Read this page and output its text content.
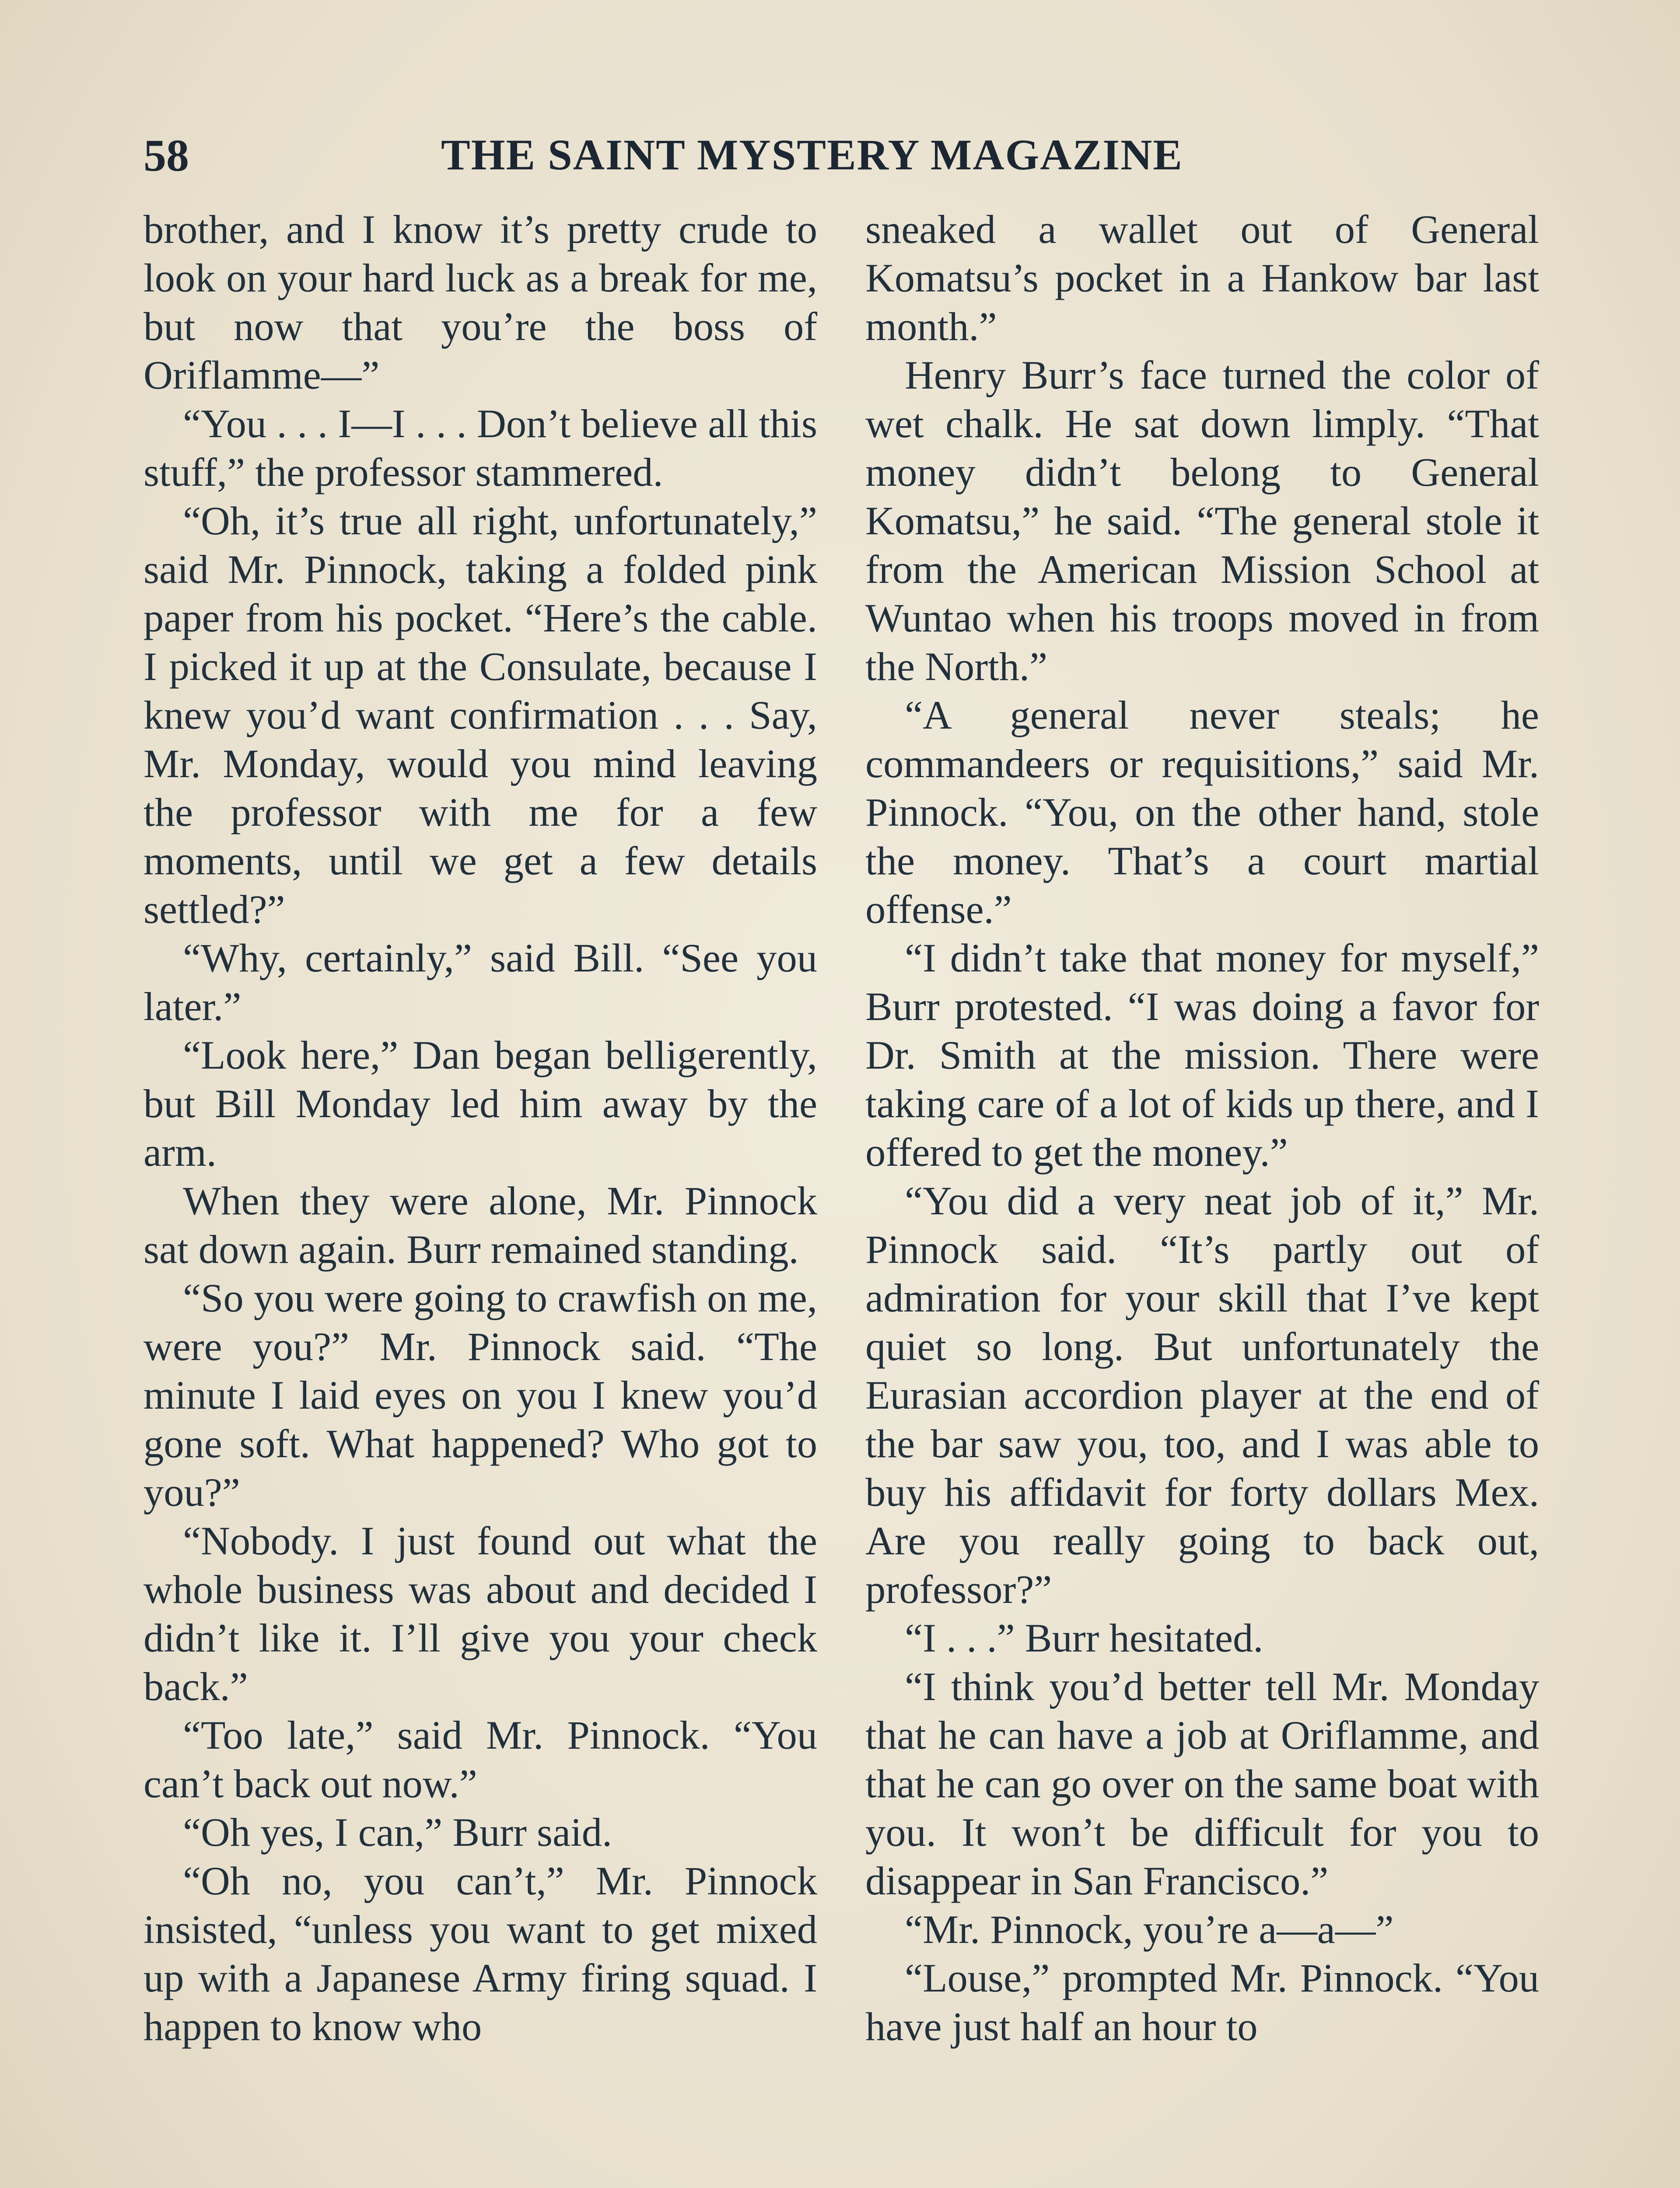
58	THE SAINT MYSTERY MAGAZINE

brother, and I know it’s pretty crude to look on your hard luck as a break for me, but now that you’re the boss of Oriflamme—”

“You . . . I—I . . . Don’t believe all this stuff,” the professor stammered.

“Oh, it’s true all right, unfortunately,” said Mr. Pinnock, taking a folded pink paper from his pocket. “Here’s the cable. I picked it up at the Consulate, because I knew you’d want confirmation . . . Say, Mr. Monday, would you mind leaving the professor with me for a few moments, until we get a few details settled?”

“Why, certainly,” said Bill. “See you later.”

“Look here,” Dan began belligerently, but Bill Monday led him away by the arm.

When they were alone, Mr. Pinnock sat down again. Burr remained standing.

“So you were going to crawfish on me, were you?” Mr. Pinnock said. “The minute I laid eyes on you I knew you’d gone soft. What happened? Who got to you?”

“Nobody. I just found out what the whole business was about and decided I didn’t like it. I’ll give you your check back.”

“Too late,” said Mr. Pinnock. “You can’t back out now.”

“Oh yes, I can,” Burr said.

“Oh no, you can’t,” Mr. Pinnock insisted, “unless you want to get mixed up with a Japanese Army firing squad. I happen to know who

sneaked a wallet out of General Komatsu’s pocket in a Hankow bar last month.”

Henry Burr’s face turned the color of wet chalk. He sat down limply. “That money didn’t belong to General Komatsu,” he said. “The general stole it from the American Mission School at Wuntao when his troops moved in from the North.”

“A general never steals; he commandeers or requisitions,” said Mr. Pinnock. “You, on the other hand, stole the money. That’s a court martial offense.”

“I didn’t take that money for myself,” Burr protested. “I was doing a favor for Dr. Smith at the mission. There were taking care of a lot of kids up there, and I offered to get the money.”

“You did a very neat job of it,” Mr. Pinnock said. “It’s partly out of admiration for your skill that I’ve kept quiet so long. But unfortunately the Eurasian accordion player at the end of the bar saw you, too, and I was able to buy his affidavit for forty dollars Mex. Are you really going to back out, professor?”

“I . . .” Burr hesitated.

“I think you’d better tell Mr. Monday that he can have a job at Oriflamme, and that he can go over on the same boat with you. It won’t be difficult for you to disappear in San Francisco.”

“Mr. Pinnock, you’re a—a—”

“Louse,” prompted Mr. Pinnock. “You have just half an hour to
